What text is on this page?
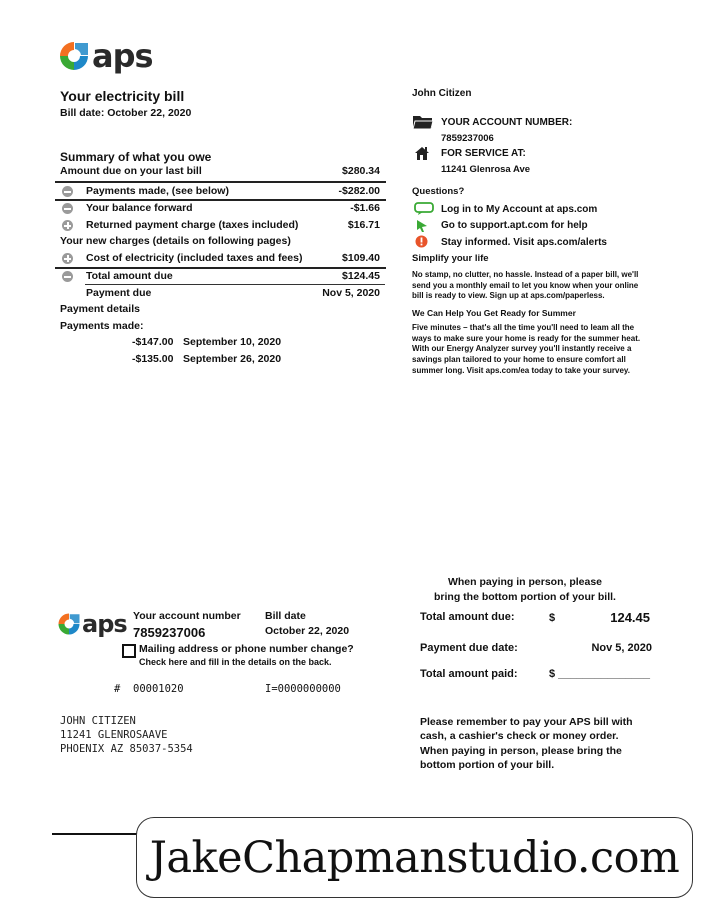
aps
Your electricity bill
Bill date: October 22, 2020
Summary of what you owe
Amount due on your last bill	$280.34
Payments made, (see below)	-$282.00
Your balance forward	-$1.66
Returned payment charge (taxes included)	$16.71
Your new charges (details on following pages)
Cost of electricity (included taxes and fees)	$109.40
Total amount due	$124.45
Payment due	Nov 5, 2020
Payment details
Payments made:
-$147.00 September 10, 2020
-$135.00 September 26, 2020
John Citizen
YOUR ACCOUNT NUMBER:
7859237006
FOR SERVICE AT:
11241 Glenrosa Ave
Questions?
Log in to My Account at aps.com
Go to support.apt.com for help
Stay informed. Visit aps.com/alerts
Simplify your life
No stamp, no clutter, no hassle. Instead of a paper bill, we'll
send you a monthly email to let you know when your online
bill is ready to view. Sign up at aps.com/paperless.
We Can Help You Get Ready for Summer
Five minutes – that's all the time you'll need to leam all the
ways to make sure your home is ready for the summer heat.
With our Energy Analyzer survey you'll instantly receive a
savings plan tailored to your home to ensure comfort all
summer long. Visit aps.com/ea today to take your survey.
When paying in person, please
bring the bottom portion of your bill.
aps Your account number
7859237006
Bill date
October 22, 2020
Mailing address or phone number change?
Check here and fill in the details on the back.
# 00001020	I=0000000000
Total amount due:	$	124.45
Payment due date:	Nov 5, 2020
Total amount paid:	$ _______________
JOHN CITIZEN
11241 GLENROSAAVE
PHOENIX AZ 85037-5354
Please remember to pay your APS bill with
cash, a cashier's check or money order.
When paying in person, please bring the
bottom portion of your bill.
JakeChapmanstudio.com
